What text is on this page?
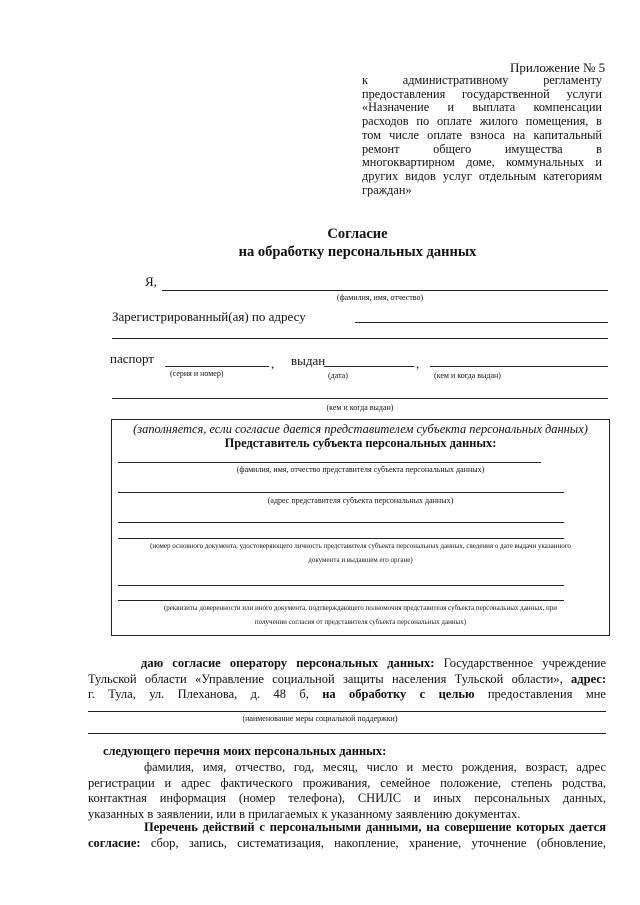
Приложение № 5
к административному регламенту
предоставления государственной услуги
«Назначение и выплата компенсации
расходов по оплате жилого помещения, в
том числе оплате взноса на капитальный
ремонт общего имущества в
многоквартирном доме, коммунальных и
других видов услуг отдельным категориям
граждан»
Согласие
на обработку персональных данных
Я,
(фамилия, имя, отчество)
Зарегистрированный(ая) по адресу
паспорт	, выдан	,
(серия и номер)	(дата)	(кем и когда выдан)
(кем и когда выдан)
(заполняется, если согласие дается представителем субъекта персональных данных)
Представитель субъекта персональных данных:
(фамилия, имя, отчество представителя субъекта персональных данных)
(адрес представителя субъекта персональных данных)
(номер основного документа, удостоверяющего личность представителя субъекта персональных данных, сведения о дате выдачи указанного
документа и выдавшем его органе)
(реквизиты доверенности или иного документа, подтверждающего полномочия представителя субъекта персональных данных, при
получении согласия от представителя субъекта персональных данных)
даю согласие оператору персональных данных: Государственное учреждение
Тульской области «Управление социальной защиты населения Тульской области», адрес:
г. Тула, ул. Плеханова, д. 48 б, на обработку с целью предоставления мне
(наименование меры социальной поддержки)
следующего перечня моих персональных данных:
фамилия, имя, отчество, год, месяц, число и место рождения, возраст, адрес
регистрации и адрес фактического проживания, семейное положение, степень родства,
контактная информация (номер телефона), СНИЛС и иных персональных данных,
указанных в заявлении, или в прилагаемых к указанному заявлению документах.
Перечень действий с персональными данными, на совершение которых дается
согласие: сбор, запись, систематизация, накопление, хранение, уточнение (обновление,
